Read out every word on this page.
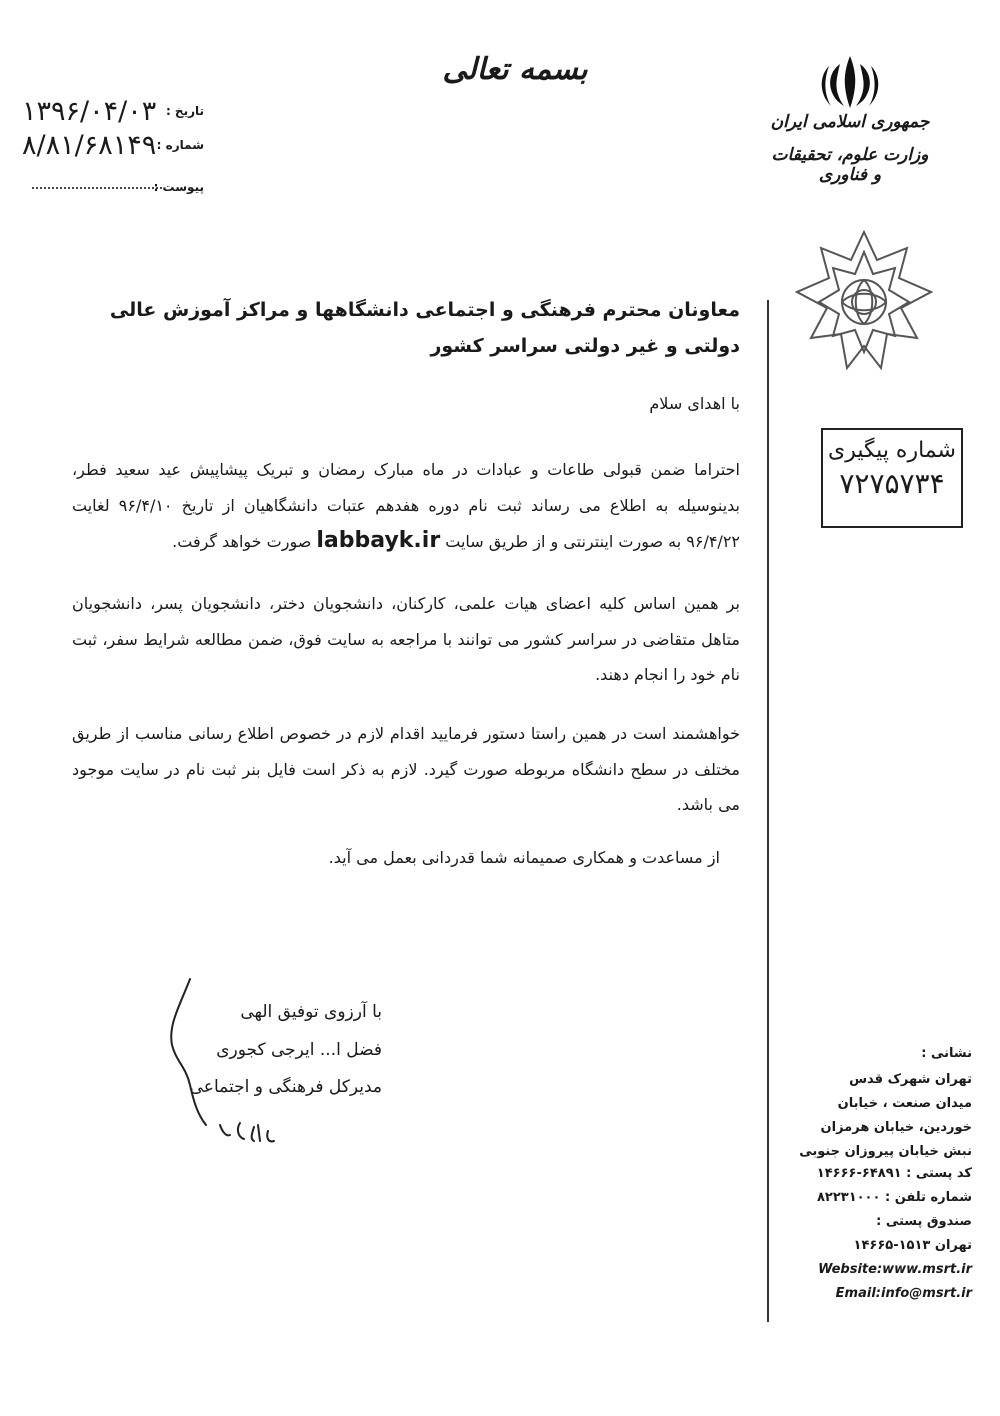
بسمه تعالی
جمهوری اسلامی ایران
وزارت علوم، تحقیقات و فناوری
۱۳۹۶/۰۴/۰۳ تاریخ :
۸/۸۱/۶۸۱۴۹ شماره :
پیوست :
شماره پیگیری
۷۲۷۵۷۳۴
معاونان محترم فرهنگی و اجتماعی دانشگاهها و مراکز آموزش عالی دولتی و غیر دولتی سراسر کشور
با اهدای سلام
احتراما ضمن قبولی طاعات و عبادات در ماه مبارک رمضان و تبریک پیشاپیش عید سعید فطر، بدینوسیله به اطلاع می رساند ثبت نام دوره هفدهم عتبات دانشگاهیان از تاریخ ۹۶/۴/۱۰ لغایت ۹۶/۴/۲۲ به صورت اینترنتی و از طریق سایت labbayk.ir صورت خواهد گرفت.
بر همین اساس کلیه اعضای هیات علمی، کارکنان، دانشجویان دختر، دانشجویان پسر، دانشجویان متاهل متقاضی در سراسر کشور می توانند با مراجعه به سایت فوق، ضمن مطالعه شرایط سفر، ثبت نام خود را انجام دهند.
خواهشمند است در همین راستا دستور فرمایید اقدام لازم در خصوص اطلاع رسانی مناسب از طریق مختلف در سطح دانشگاه مربوطه صورت گیرد. لازم به ذکر است فایل بنر ثبت نام در سایت موجود می باشد.
از مساعدت و همکاری صمیمانه شما قدردانی بعمل می آید.
با آرزوی توفیق الهی
فضل ا... ایرجی کجوری
مدیرکل فرهنگی و اجتماعی
نشانی :
تهران شهرک قدس
میدان صنعت ، خیابان
خوردین، خیابان هرمزان
نبش خیابان پیروزان جنوبی
کد پستی : ۶۴۸۹۱-۱۴۶۶۶
شماره تلفن : ۸۲۲۳۱۰۰۰
صندوق پستی :
تهران ۱۵۱۳-۱۴۶۶۵
Website:www.msrt.ir
Email:info@msrt.ir
